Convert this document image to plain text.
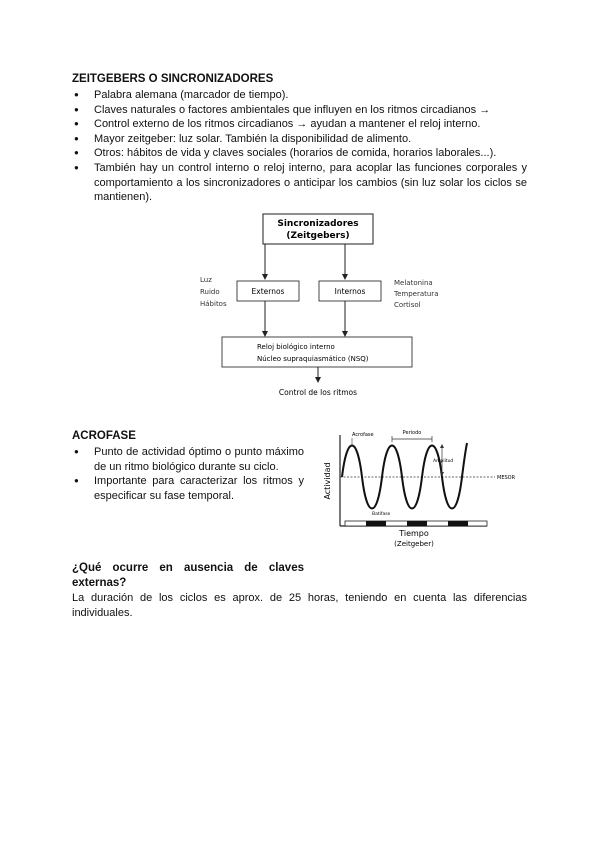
ZEITGEBERS O SINCRONIZADORES
● Palabra alemana (marcador de tiempo).
● Claves naturales o factores ambientales que influyen en los ritmos circadianos →
● Control externo de los ritmos circadianos → ayudan a mantener el reloj interno.
● Mayor zeitgeber: luz solar. También la disponibilidad de alimento.
● Otros: hábitos de vida y claves sociales (horarios de comida, horarios laborales...).
● También hay un control interno o reloj interno, para acoplar las funciones corporales y comportamiento a los sincronizadores o anticipar los cambios (sin luz solar los ciclos se mantienen).
Sincronizadores
(Zeitgebers)
Externos	Internos
Luz
Ruido
Hábitos
Melatonina
Temperatura
Cortisol
Reloj biológico interno
Núcleo supraquiasmático (NSQ)
Control de los ritmos
ACROFASE
● Punto de actividad óptimo o punto máximo de un ritmo biológico durante su ciclo.
● Importante para caracterizar los ritmos y especificar su fase temporal.
MESOR
Acrofase	Periodo
Amplitud
Batifase
Actividad
Tiempo
(Zeitgeber)
¿Qué ocurre en ausencia de claves externas?
La duración de los ciclos es aprox. de 25 horas, teniendo en cuenta las diferencias individuales.
